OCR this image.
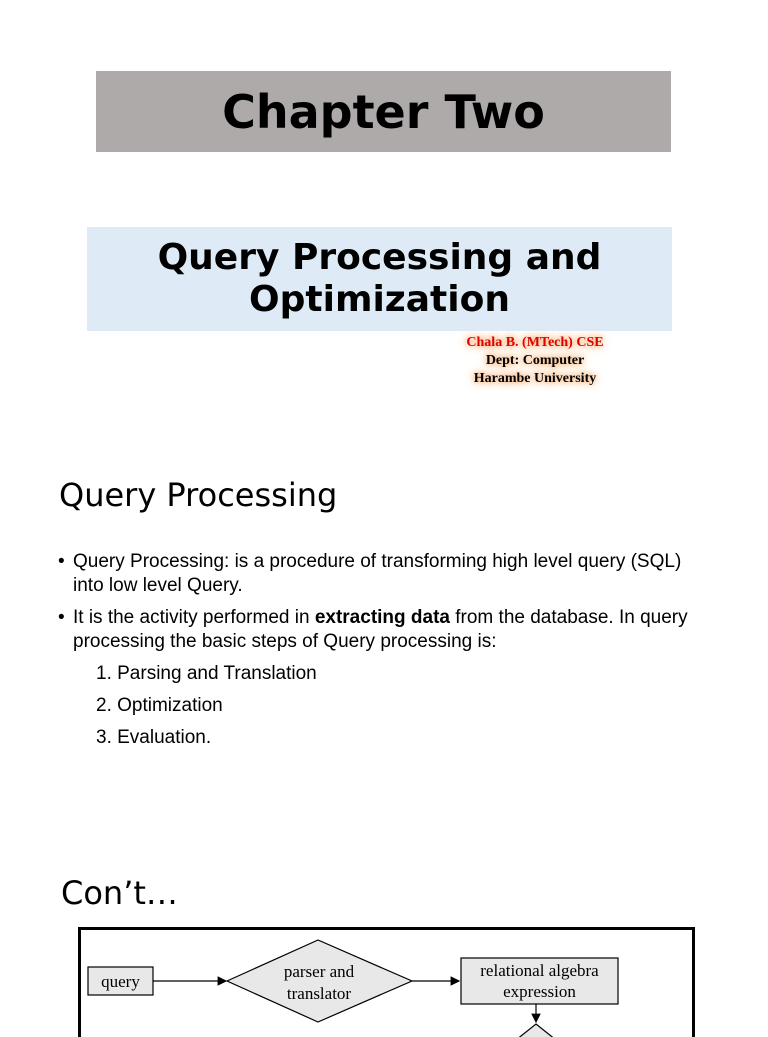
Chapter Two
Query Processing and Optimization
Chala B. (MTech) CSE
Dept: Computer
Harambe University
Query Processing
• Query Processing: is a procedure of transforming high level query (SQL) into low level Query.
• It is the activity performed in extracting data from the database. In query processing the basic steps of Query processing is:
1. Parsing and Translation
2. Optimization
3. Evaluation.
Con’t…
query
parser and
translator
relational algebra
expression
